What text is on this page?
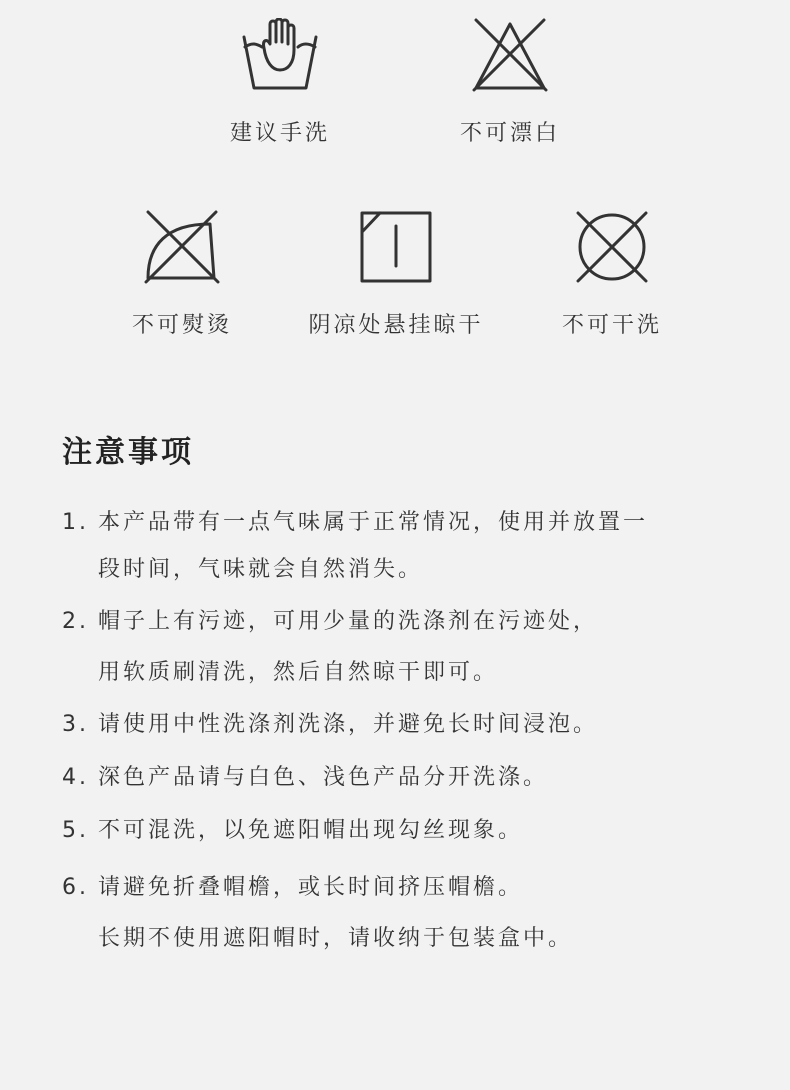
建议手洗	不可漂白
不可熨烫	阴凉处悬挂晾干	不可干洗
注意事项
1. 本产品带有一点气味属于正常情况，使用并放置一
段时间，气味就会自然消失。
2. 帽子上有污迹，可用少量的洗涤剂在污迹处，
用软质刷清洗，然后自然晾干即可。
3. 请使用中性洗涤剂洗涤，并避免长时间浸泡。
4. 深色产品请与白色、浅色产品分开洗涤。
5. 不可混洗，以免遮阳帽出现勾丝现象。
6. 请避免折叠帽檐，或长时间挤压帽檐。
长期不使用遮阳帽时，请收纳于包装盒中。
